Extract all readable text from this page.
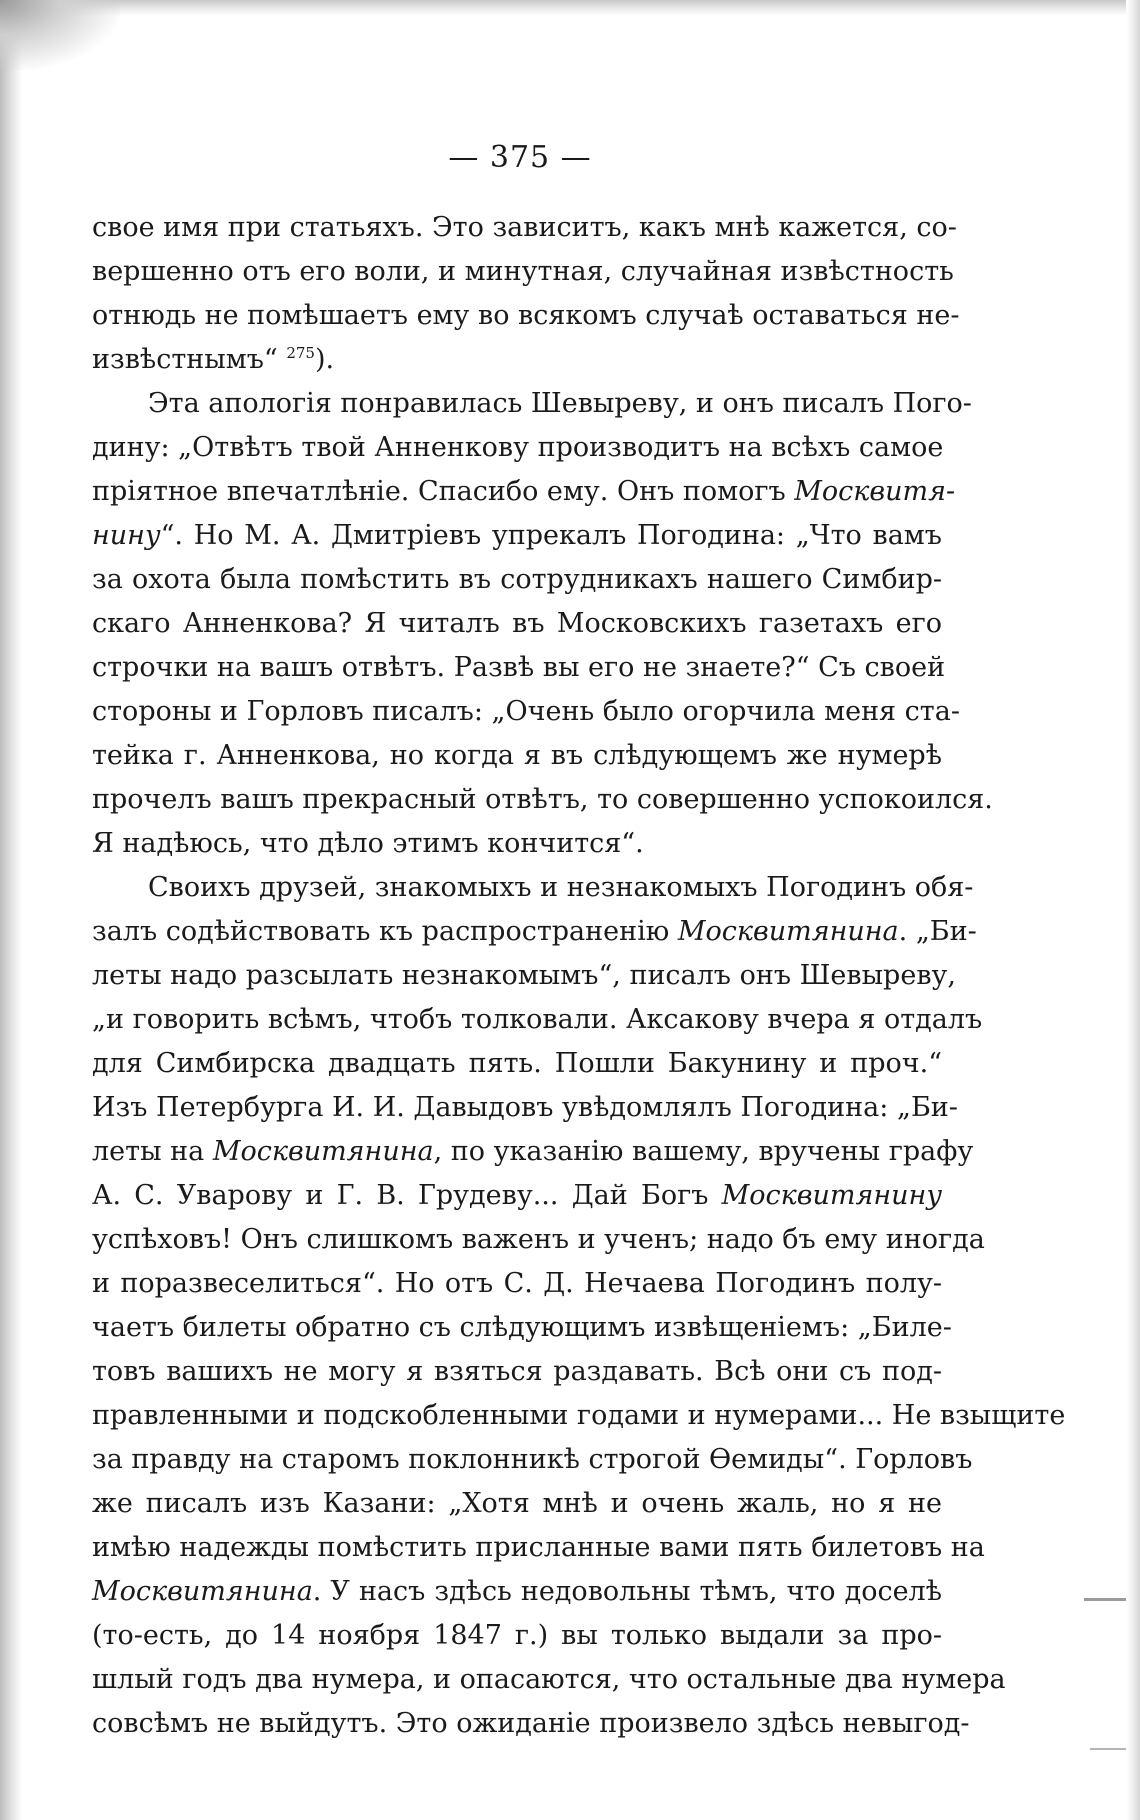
— 375 —
свое имя при статьяхъ. Это зависитъ, какъ мнѣ кажется, со-
вершенно отъ его воли, и минутная, случайная извѣстность
отнюдь не помѣшаетъ ему во всякомъ случаѣ оставаться не-
извѣстнымъ“ $^{275}$).
Эта апологія понравилась Шевыреву, и онъ писалъ Пого-
дину: „Отвѣтъ твой Анненкову производитъ на всѣхъ самое
пріятное впечатлѣніе. Спасибо ему. Онъ помогъ Москвитя-
нину“. Но М. А. Дмитріевъ упрекалъ Погодина: „Что вамъ
за охота была помѣстить въ сотрудникахъ нашего Симбир-
скаго Анненкова? Я читалъ въ Московскихъ газетахъ его
строчки на вашъ отвѣтъ. Развѣ вы его не знаете?“ Съ своей
стороны и Горловъ писалъ: „Очень было огорчила меня ста-
тейка г. Анненкова, но когда я въ слѣдующемъ же нумерѣ
прочелъ вашъ прекрасный отвѣтъ, то совершенно успокоился.
Я надѣюсь, что дѣло этимъ кончится“.
Своихъ друзей, знакомыхъ и незнакомыхъ Погодинъ обя-
залъ содѣйствовать къ распространенію Москвитянина. „Би-
леты надо разсылать незнакомымъ“, писалъ онъ Шевыреву,
„и говорить всѣмъ, чтобъ толковали. Аксакову вчера я отдалъ
для Симбирска двадцать пять. Пошли Бакунину и проч.“
Изъ Петербурга И. И. Давыдовъ увѣдомлялъ Погодина: „Би-
леты на Москвитянина, по указанію вашему, вручены графу
А. С. Уварову и Г. В. Грудеву... Дай Богъ Москвитянину
успѣховъ! Онъ слишкомъ важенъ и ученъ; надо бъ ему иногда
и поразвеселиться“. Но отъ С. Д. Нечаева Погодинъ полу-
чаетъ билеты обратно съ слѣдующимъ извѣщеніемъ: „Билe-
товъ вашихъ не могу я взяться раздавать. Всѣ они съ под-
правленными и подскобленными годами и нумерами... Не взыщите
за правду на старомъ поклонникѣ строгой Ѳемиды“. Горловъ
же писалъ изъ Казани: „Хотя мнѣ и очень жаль, но я не
имѣю надежды помѣстить присланные вами пять билетовъ на
Москвитянина. У насъ здѣсь недовольны тѣмъ, что доселѣ
(то-есть, до 14 ноября 1847 г.) вы только выдали за про-
шлый годъ два нумера, и опасаются, что остальные два нумера
совсѣмъ не выйдутъ. Это ожиданіе произвело здѣсь невыгод-
